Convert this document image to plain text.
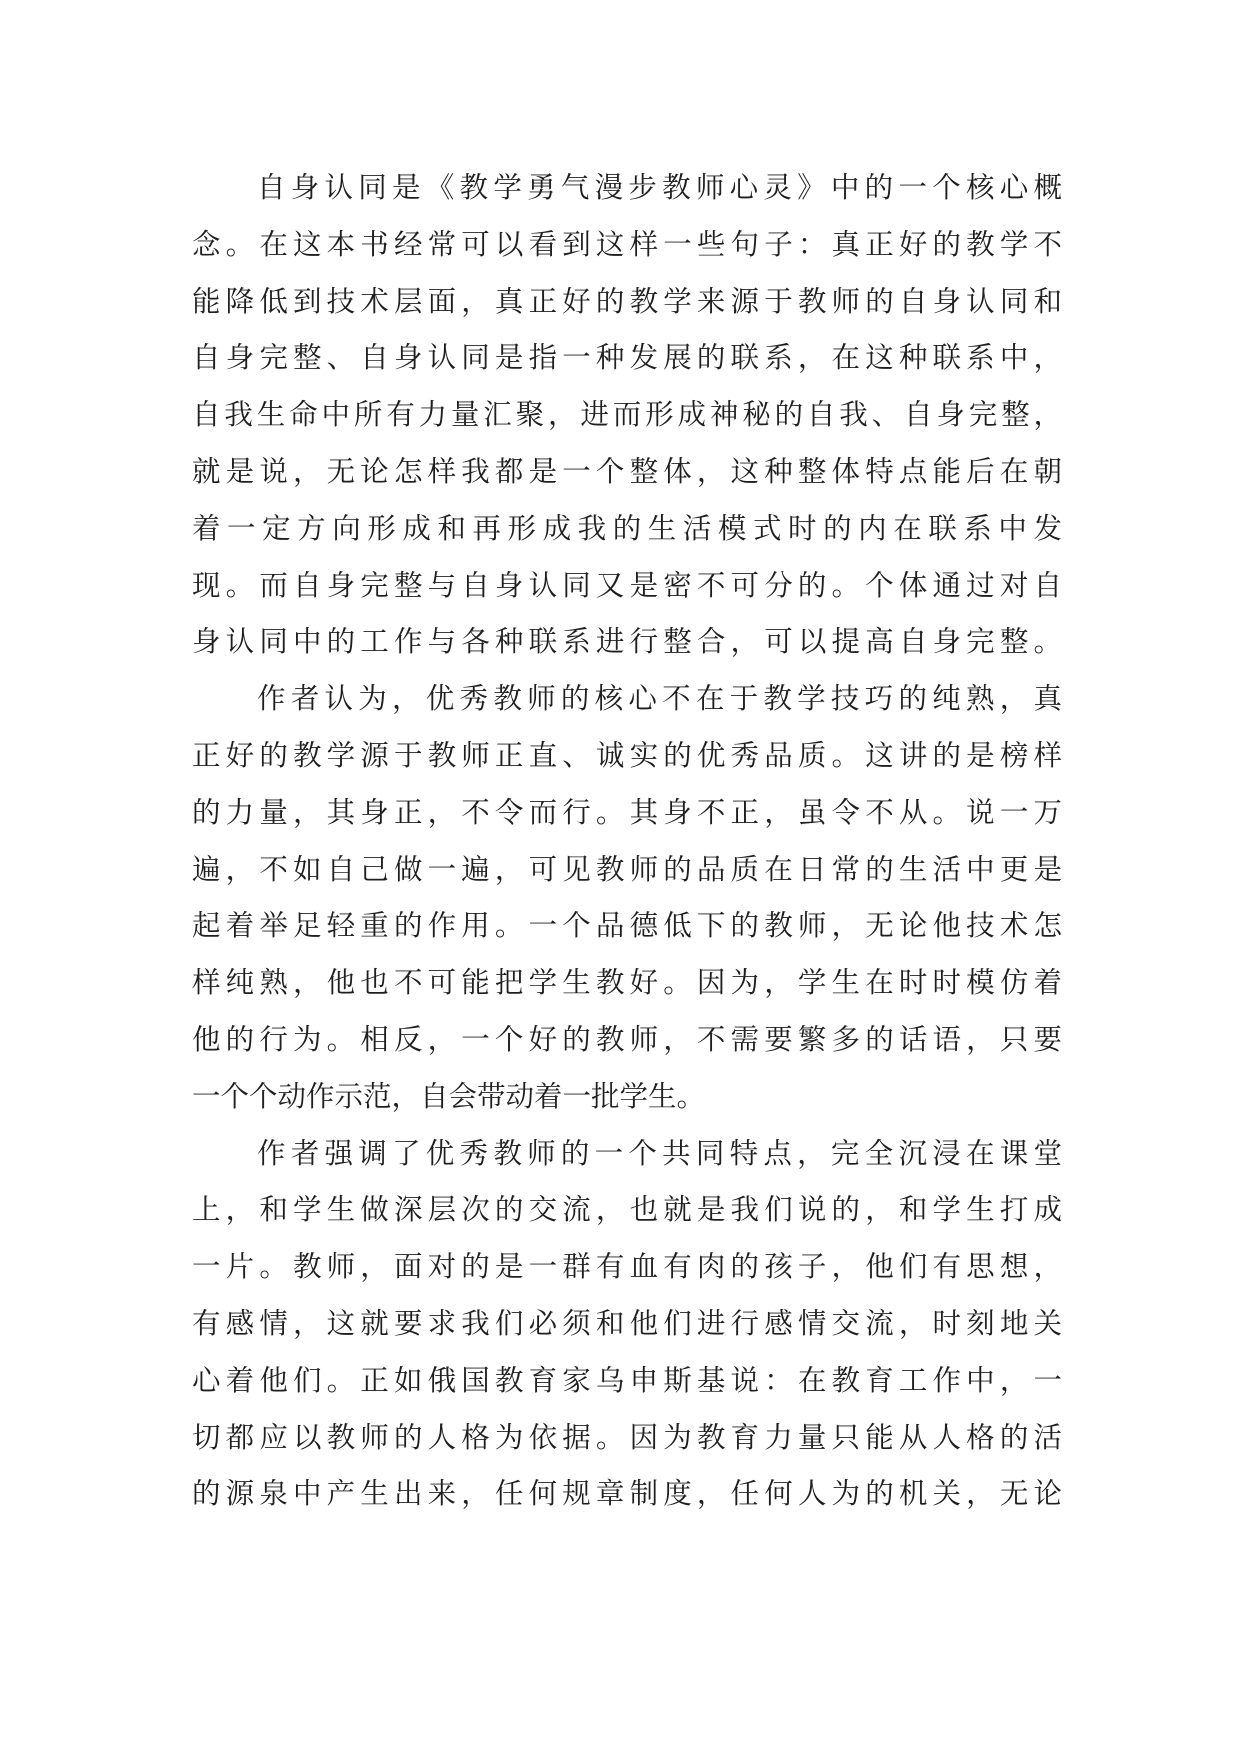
自身认同是《教学勇气漫步教师心灵》中的一个核心概
念。在这本书经常可以看到这样一些句子：真正好的教学不
能降低到技术层面，真正好的教学来源于教师的自身认同和
自身完整、自身认同是指一种发展的联系，在这种联系中，
自我生命中所有力量汇聚，进而形成神秘的自我、自身完整，
就是说，无论怎样我都是一个整体，这种整体特点能后在朝
着一定方向形成和再形成我的生活模式时的内在联系中发
现。而自身完整与自身认同又是密不可分的。个体通过对自
身认同中的工作与各种联系进行整合，可以提高自身完整。
作者认为，优秀教师的核心不在于教学技巧的纯熟，真
正好的教学源于教师正直、诚实的优秀品质。这讲的是榜样
的力量，其身正，不令而行。其身不正，虽令不从。说一万
遍，不如自己做一遍，可见教师的品质在日常的生活中更是
起着举足轻重的作用。一个品德低下的教师，无论他技术怎
样纯熟，他也不可能把学生教好。因为，学生在时时模仿着
他的行为。相反，一个好的教师，不需要繁多的话语，只要
一个个动作示范，自会带动着一批学生。
作者强调了优秀教师的一个共同特点，完全沉浸在课堂
上，和学生做深层次的交流，也就是我们说的，和学生打成
一片。教师，面对的是一群有血有肉的孩子，他们有思想，
有感情，这就要求我们必须和他们进行感情交流，时刻地关
心着他们。正如俄国教育家乌申斯基说：在教育工作中，一
切都应以教师的人格为依据。因为教育力量只能从人格的活
的源泉中产生出来，任何规章制度，任何人为的机关，无论
